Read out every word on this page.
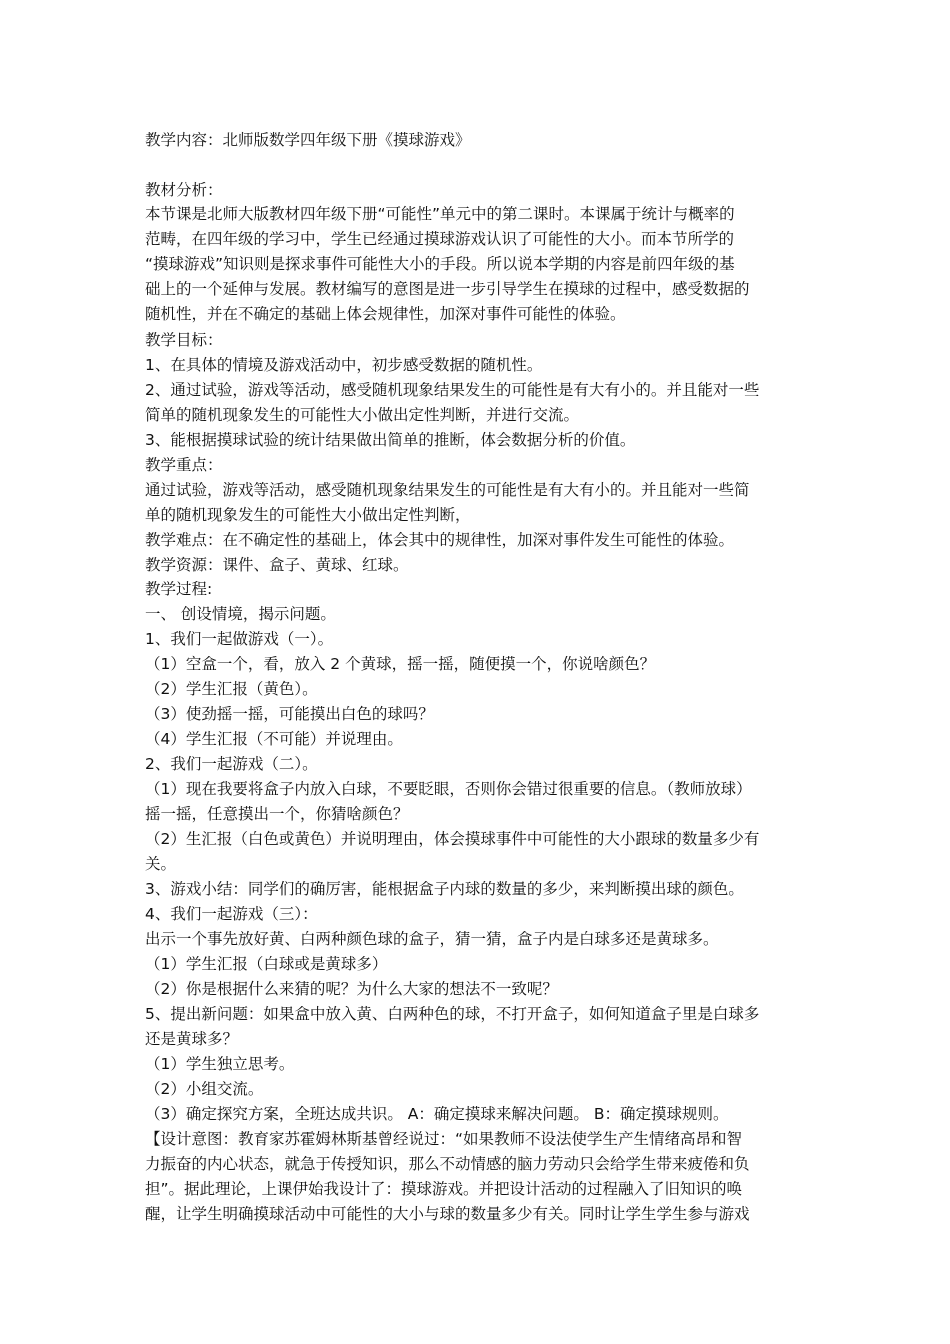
教学内容：北师版数学四年级下册《摸球游戏》
教材分析：
本节课是北师大版教材四年级下册“可能性”单元中的第二课时。本课属于统计与概率的
范畴，在四年级的学习中，学生已经通过摸球游戏认识了可能性的大小。而本节所学的
“摸球游戏”知识则是探求事件可能性大小的手段。所以说本学期的内容是前四年级的基
础上的一个延伸与发展。教材编写的意图是进一步引导学生在摸球的过程中，感受数据的
随机性，并在不确定的基础上体会规律性，加深对事件可能性的体验。
教学目标：
1、在具体的情境及游戏活动中，初步感受数据的随机性。
2、通过试验，游戏等活动，感受随机现象结果发生的可能性是有大有小的。并且能对一些
简单的随机现象发生的可能性大小做出定性判断，并进行交流。
3、能根据摸球试验的统计结果做出简单的推断，体会数据分析的价值。
教学重点：
通过试验，游戏等活动，感受随机现象结果发生的可能性是有大有小的。并且能对一些简
单的随机现象发生的可能性大小做出定性判断，
教学难点：在不确定性的基础上，体会其中的规律性，加深对事件发生可能性的体验。
教学资源：课件、盒子、黄球、红球。
教学过程:
一、 创设情境，揭示问题。
1、我们一起做游戏（一）。
（1）空盒一个，看，放入 2 个黄球，摇一摇，随便摸一个，你说啥颜色？
（2）学生汇报（黄色）。
（3）使劲摇一摇，可能摸出白色的球吗？
（4）学生汇报（不可能）并说理由。
2、我们一起游戏（二）。
（1）现在我要将盒子内放入白球，不要眨眼，否则你会错过很重要的信息。（教师放球）
摇一摇，任意摸出一个，你猜啥颜色？
（2）生汇报（白色或黄色）并说明理由，体会摸球事件中可能性的大小跟球的数量多少有
关。
3、游戏小结：同学们的确厉害，能根据盒子内球的数量的多少，来判断摸出球的颜色。
4、我们一起游戏（三）：
出示一个事先放好黄、白两种颜色球的盒子，猜一猜，盒子内是白球多还是黄球多。
（1）学生汇报（白球或是黄球多）
（2）你是根据什么来猜的呢？为什么大家的想法不一致呢？
5、提出新问题：如果盒中放入黄、白两种色的球，不打开盒子，如何知道盒子里是白球多
还是黄球多？
（1）学生独立思考。
（2）小组交流。
（3）确定探究方案，全班达成共识。 A：确定摸球来解决问题。 B：确定摸球规则。
【设计意图：教育家苏霍姆林斯基曾经说过：“如果教师不设法使学生产生情绪高昂和智
力振奋的内心状态，就急于传授知识，那么不动情感的脑力劳动只会给学生带来疲倦和负
担”。据此理论，上课伊始我设计了：摸球游戏。并把设计活动的过程融入了旧知识的唤
醒，让学生明确摸球活动中可能性的大小与球的数量多少有关。同时让学生学生参与游戏
